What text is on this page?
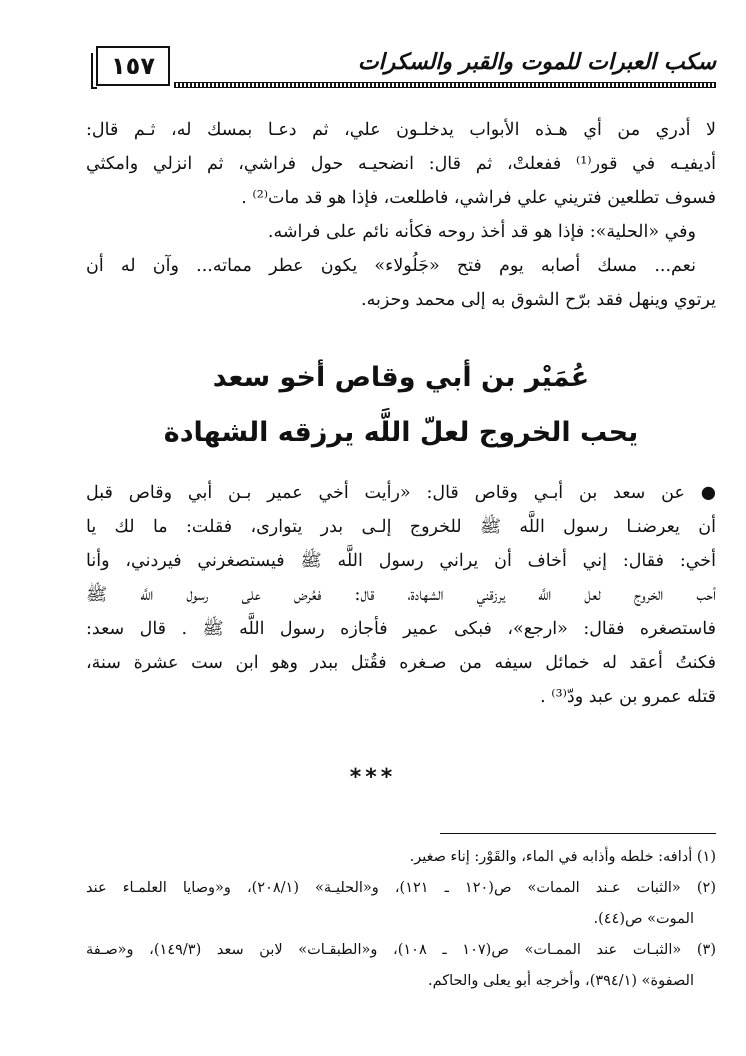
١٥٧	سكب العبرات للموت والقبر والسكرات
لا أدري من أي هـذه الأبواب يدخلـون علي، ثم دعـا بمسك له، ثـم قال:
أديفيـه في قور⁽¹⁾ ففعلتْ، ثم قال: انضحيـه حول فراشي، ثم انزلي وامكثي
فسوف تطلعين فتريني علي فراشي، فاطلعت، فإذا هو قد مات⁽²⁾ .
وفي «الحلية»: فإذا هو قد أخذ روحه فكأنه نائم على فراشه.
نعم... مسك أصابه يوم فتح «جَلُولاء» يكون عطر مماته... وآن له أن
يرتوي وينهل فقد برّح الشوق به إلى محمد وحزبه.
عُمَيْر بن أبي وقاص أخو سعد
يحب الخروج لعلّ اللَّه يرزقه الشهادة
● عن سعد بن أبـي وقاص قال: «رأيت أخي عمير بـن أبي وقاص قبل
أن يعرضنـا رسول اللَّه ﷺ للخروج إلـى بدر يتوارى، فقلت: ما لك يا
أخي: فقال: إني أخاف أن يراني رسول اللَّه ﷺ فيستصغرني فيردني، وأنا
أحب الخروج لعل اللَّه يرزقني الشهادة، قال: فعُرض على رسول اللَّه ﷺ
فاستصغره فقال: «ارجع»، فبكى عمير فأجازه رسول اللَّه ﷺ . قال سعد:
فكنتُ أعقد له خمائل سيفه من صـغره فقُتل ببدر وهو ابن ست عشرة سنة،
قتله عمرو بن عبد ودّ⁽³⁾ .
***
(١) أدافه: خلطه وأذابه في الماء، والقَوْر: إناء صغير.
(٢) «الثبات عـند الممات» ص(١٢٠ ـ ١٢١)، و«الحليـة» (٢٠٨/١)، و«وصايا العلمـاء عند
الموت» ص(٤٤).
(٣) «الثبـات عند الممـات» ص(١٠٧ ـ ١٠٨)، و«الطبقـات» لابن سعد (١٤٩/٣)، و«صـفة
الصفوة» (٣٩٤/١)، وأخرجه أبو يعلى والحاكم.
